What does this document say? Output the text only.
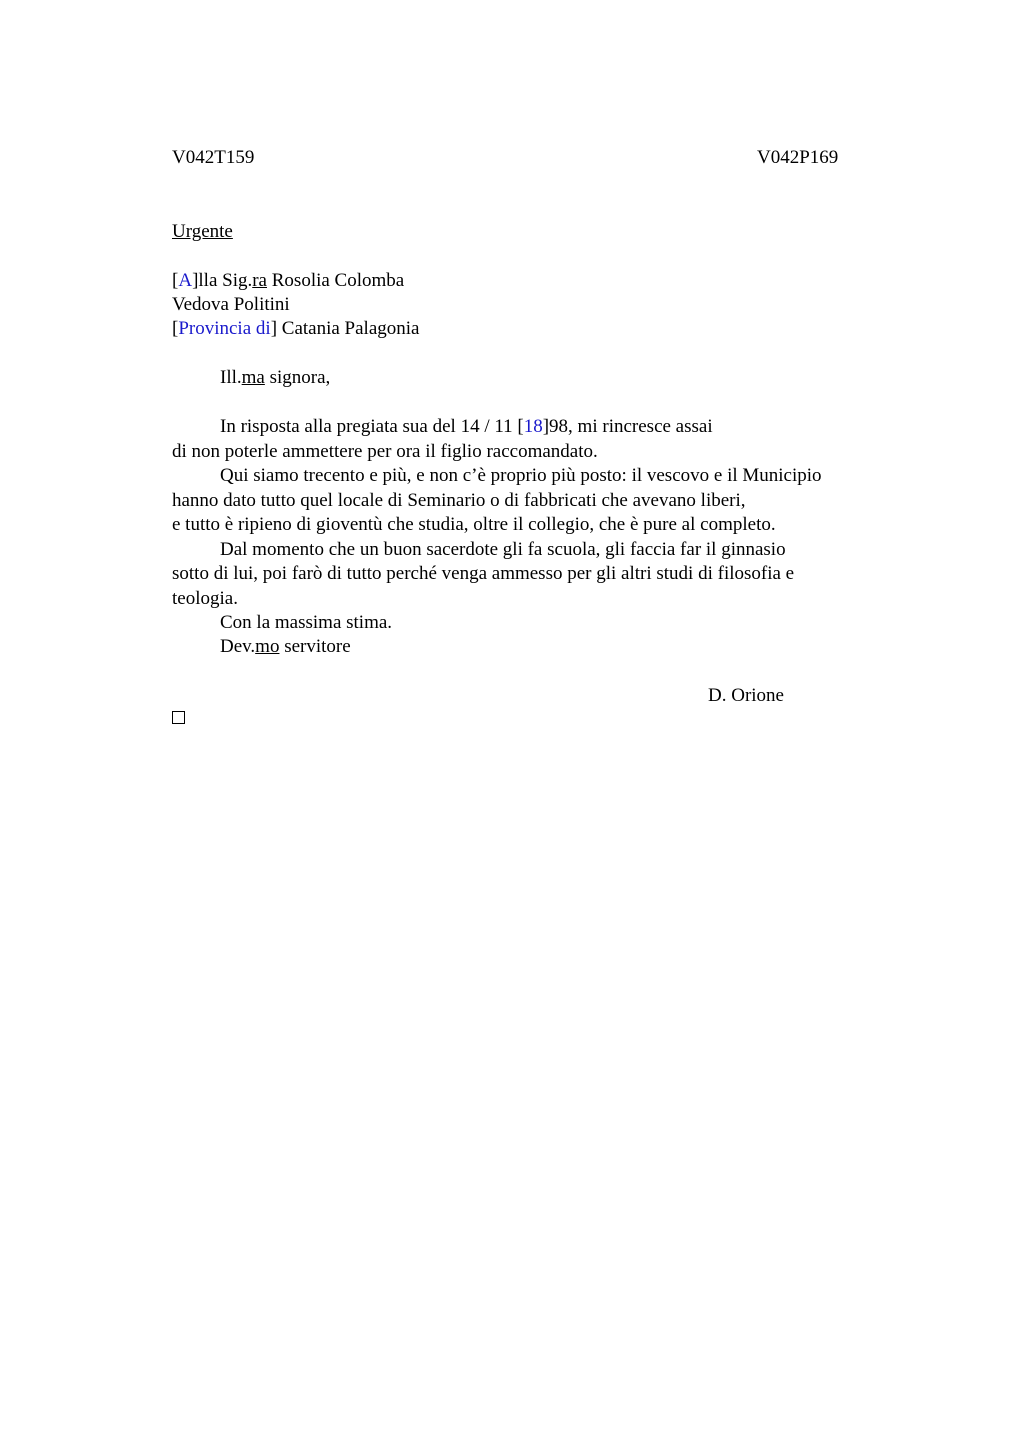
V042T159	V042P169
Urgente
[A]lla Sig.ra Rosolia Colomba
Vedova Politini
[Provincia di] Catania Palagonia
Ill.ma signora,
In risposta alla pregiata sua del 14 / 11 [18]98, mi rincresce assai
di non poterle ammettere per ora il figlio raccomandato.
Qui siamo trecento e più, e non c’è proprio più posto: il vescovo e il Municipio
hanno dato tutto quel locale di Seminario o di fabbricati che avevano liberi,
e tutto è ripieno di gioventù che studia, oltre il collegio, che è pure al completo.
Dal momento che un buon sacerdote gli fa scuola, gli faccia far il ginnasio
sotto di lui, poi farò di tutto perché venga ammesso per gli altri studi di filosofia e
teologia.
Con la massima stima.
Dev.mo servitore
D. Orione
